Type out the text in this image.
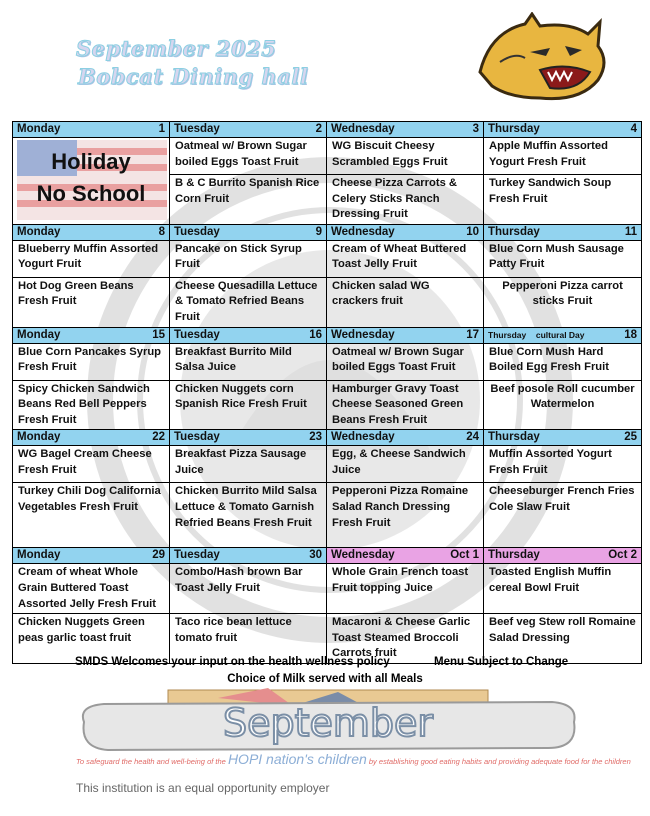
September 2025
Bobcat Dining hall
Monday 1	Tuesday 2	Wednesday 3	Thursday 4

Holiday
No School	Oatmeal w/ Brown Sugar boiled Eggs Toast Fruit	WG Biscuit Cheesy Scrambled Eggs Fruit	Apple Muffin Assorted Yogurt Fresh Fruit
	B & C Burrito Spanish Rice Corn Fruit	Cheese Pizza Carrots & Celery Sticks Ranch Dressing Fruit	Turkey Sandwich Soup Fresh Fruit

Monday 8	Tuesday 9	Wednesday 10	Thursday 11

Blueberry Muffin Assorted Yogurt Fruit	Pancake on Stick Syrup Fruit	Cream of Wheat Buttered Toast Jelly Fruit	Blue Corn Mush Sausage Patty Fruit
Hot Dog Green Beans Fresh Fruit	Cheese Quesadilla Lettuce & Tomato Refried Beans Fruit	Chicken salad WG crackers fruit	Pepperoni Pizza carrot sticks Fruit

Monday 15	Tuesday 16	Wednesday 17	Thursday cultural Day 18

Blue Corn Pancakes Syrup Fresh Fruit	Breakfast Burrito Mild Salsa Juice	Oatmeal w/ Brown Sugar boiled Eggs Toast Fruit	Blue Corn Mush Hard Boiled Egg Fresh Fruit
Spicy Chicken Sandwich Beans Red Bell Peppers Fresh Fruit	Chicken Nuggets corn Spanish Rice Fresh Fruit	Hamburger Gravy Toast Cheese Seasoned Green Beans Fresh Fruit	Beef posole Roll cucumber Watermelon

Monday 22	Tuesday 23	Wednesday 24	Thursday 25

WG Bagel Cream Cheese Fresh Fruit	Breakfast Pizza Sausage Juice	Egg, & Cheese Sandwich Juice	Muffin Assorted Yogurt Fresh Fruit
Turkey Chili Dog California Vegetables Fresh Fruit	Chicken Burrito Mild Salsa Lettuce & Tomato Garnish Refried Beans Fresh Fruit	Pepperoni Pizza Romaine Salad Ranch Dressing Fresh Fruit	Cheeseburger French Fries Cole Slaw Fruit

Monday 29	Tuesday 30	Wednesday Oct 1	Thursday Oct 2

Cream of wheat Whole Grain Buttered Toast Assorted Jelly Fresh Fruit	Combo/Hash brown Bar Toast Jelly Fruit	Whole Grain French toast Fruit topping Juice	Toasted English Muffin cereal Bowl Fruit
Chicken Nuggets Green peas garlic toast fruit	Taco rice bean lettuce tomato fruit	Macaroni & Cheese Garlic Toast Steamed Broccoli Carrots fruit	Beef veg Stew roll Romaine Salad Dressing
SMDS Welcomes your input on the health wellness policy	Menu Subject to Change
Choice of Milk served with all Meals
September
To safeguard the health and well-being of the HOPI nation's children by establishing good eating habits and providing adequate food for the children
This institution is an equal opportunity employer
